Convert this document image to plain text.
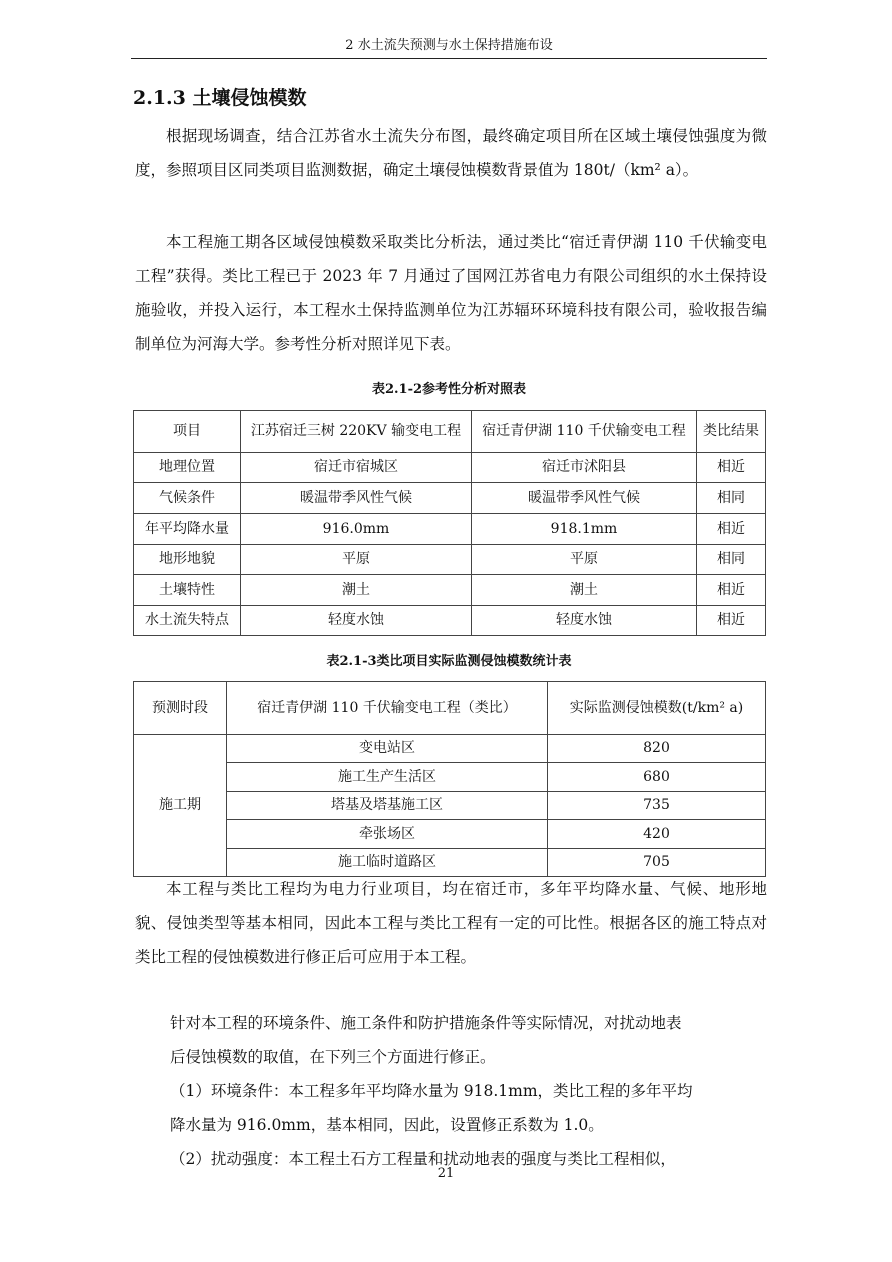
2 水土流失预测与水土保持措施布设
2.1.3 土壤侵蚀模数

根据现场调查，结合江苏省水土流失分布图，最终确定项目所在区域土壤侵蚀强度为微度，参照项目区同类项目监测数据，确定土壤侵蚀模数背景值为 180t/（km² a）。

本工程施工期各区域侵蚀模数采取类比分析法，通过类比“宿迁青伊湖 110 千伏输变电工程”获得。类比工程已于 2023 年 7 月通过了国网江苏省电力有限公司组织的水土保持设施验收，并投入运行，本工程水土保持监测单位为江苏辐环环境科技有限公司，验收报告编制单位为河海大学。参考性分析对照详见下表。

表2.1-2参考性分析对照表
项目	江苏宿迁三树 220KV 输变电工程	宿迁青伊湖 110 千伏输变电工程	类比结果
地理位置	宿迁市宿城区	宿迁市沭阳县	相近
气候条件	暖温带季风性气候	暖温带季风性气候	相同
年平均降水量	916.0mm	918.1mm	相近
地形地貌	平原	平原	相同
土壤特性	潮土	潮土	相近
水土流失特点	轻度水蚀	轻度水蚀	相近
表2.1-3类比项目实际监测侵蚀模数统计表
预测时段	宿迁青伊湖 110 千伏输变电工程（类比）	实际监测侵蚀模数(t/km² a)
施工期	变电站区	820
	施工生产生活区	680
	塔基及塔基施工区	735
	牵张场区	420
	施工临时道路区	705

本工程与类比工程均为电力行业项目，均在宿迁市，多年平均降水量、气候、地形地貌、侵蚀类型等基本相同，因此本工程与类比工程有一定的可比性。根据各区的施工特点对类比工程的侵蚀模数进行修正后可应用于本工程。

针对本工程的环境条件、施工条件和防护措施条件等实际情况，对扰动地表

后侵蚀模数的取值，在下列三个方面进行修正。

（1）环境条件：本工程多年平均降水量为 918.1mm，类比工程的多年平均

降水量为 916.0mm，基本相同，因此，设置修正系数为 1.0。

（2）扰动强度：本工程土石方工程量和扰动地表的强度与类比工程相似，

21
